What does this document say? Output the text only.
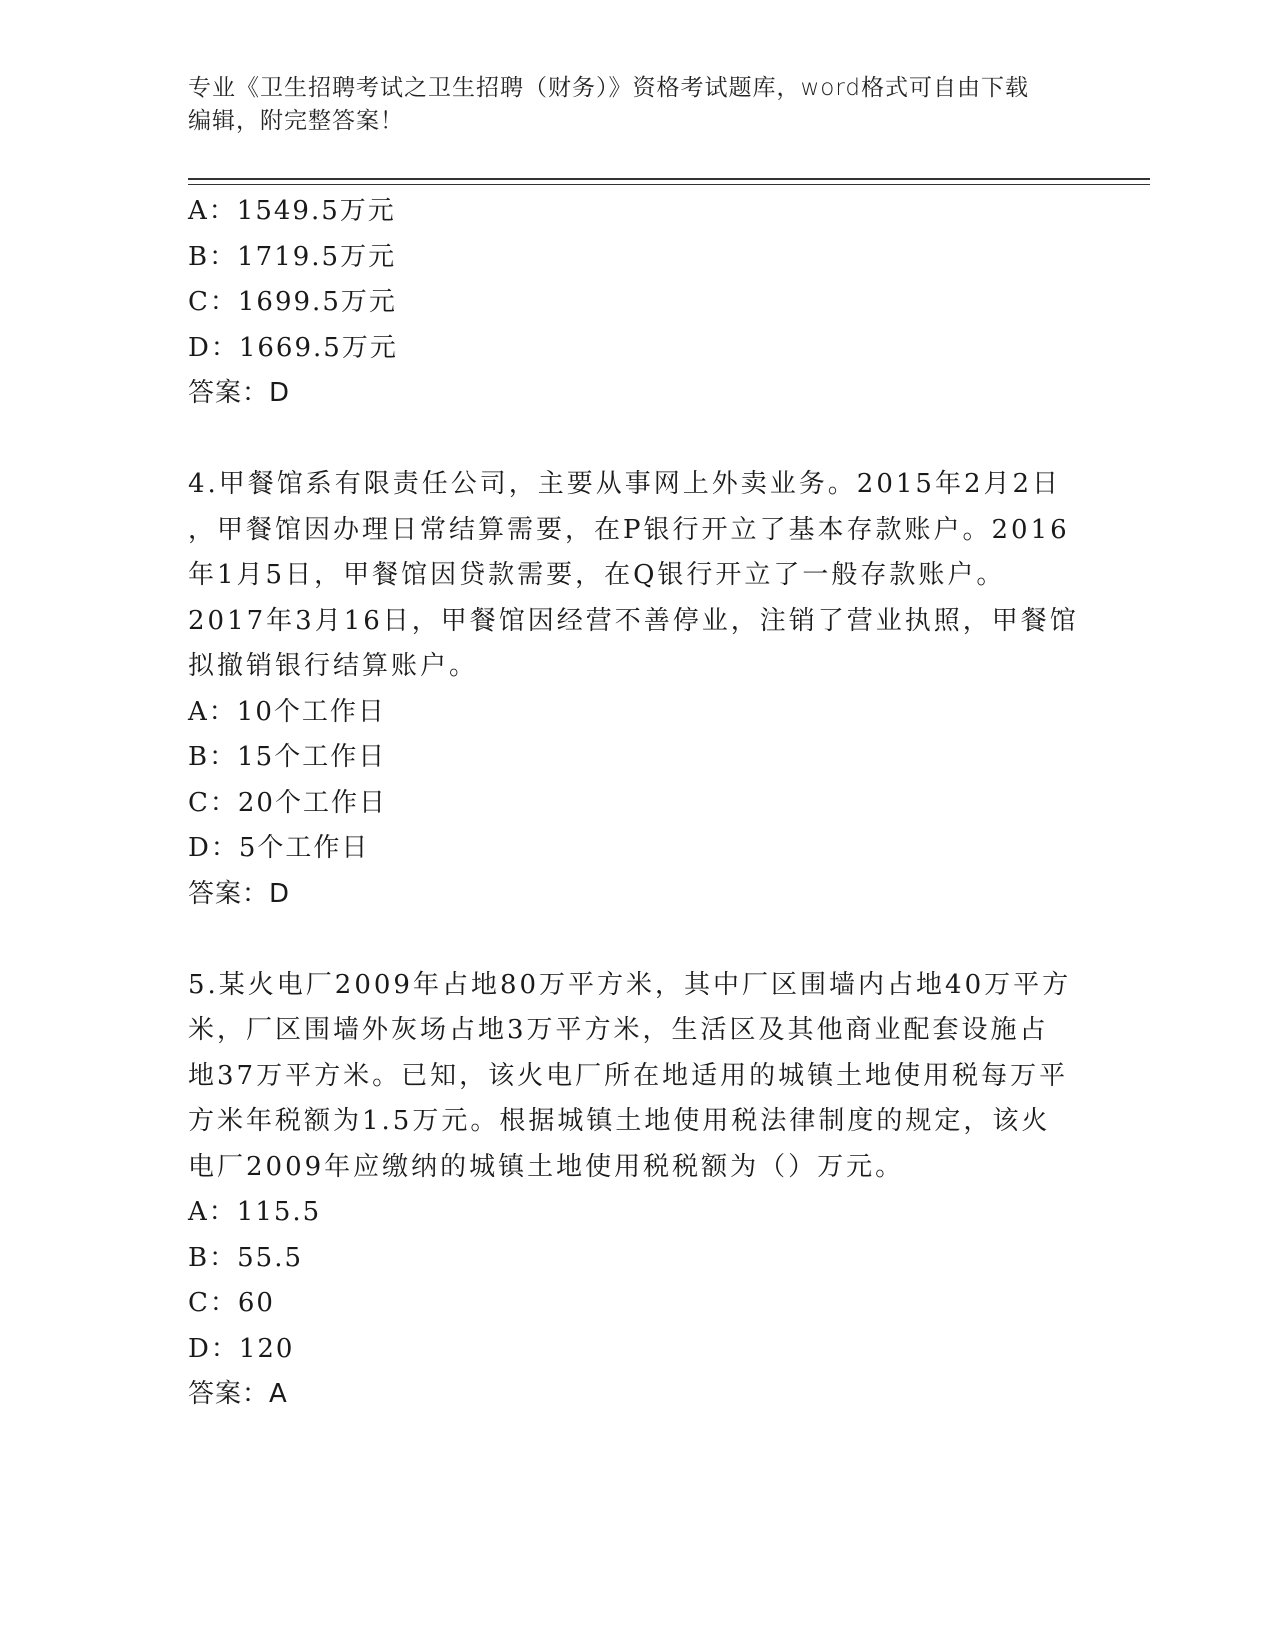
专业《卫生招聘考试之卫生招聘（财务）》资格考试题库，word格式可自由下载
编辑，附完整答案！
A：1549.5万元
B：1719.5万元
C：1699.5万元
D：1669.5万元
答案：D
4.甲餐馆系有限责任公司，主要从事网上外卖业务。2015年2月2日
，甲餐馆因办理日常结算需要，在P银行开立了基本存款账户。2016
年1月5日，甲餐馆因贷款需要，在Q银行开立了一般存款账户。
2017年3月16日，甲餐馆因经营不善停业，注销了营业执照，甲餐馆
拟撤销银行结算账户。
A：10个工作日
B：15个工作日
C：20个工作日
D：5个工作日
答案：D
5.某火电厂2009年占地80万平方米，其中厂区围墙内占地40万平方
米，厂区围墙外灰场占地3万平方米，生活区及其他商业配套设施占
地37万平方米。已知，该火电厂所在地适用的城镇土地使用税每万平
方米年税额为1.5万元。根据城镇土地使用税法律制度的规定，该火
电厂2009年应缴纳的城镇土地使用税税额为（）万元。
A：115.5
B：55.5
C：60
D：120
答案：A
